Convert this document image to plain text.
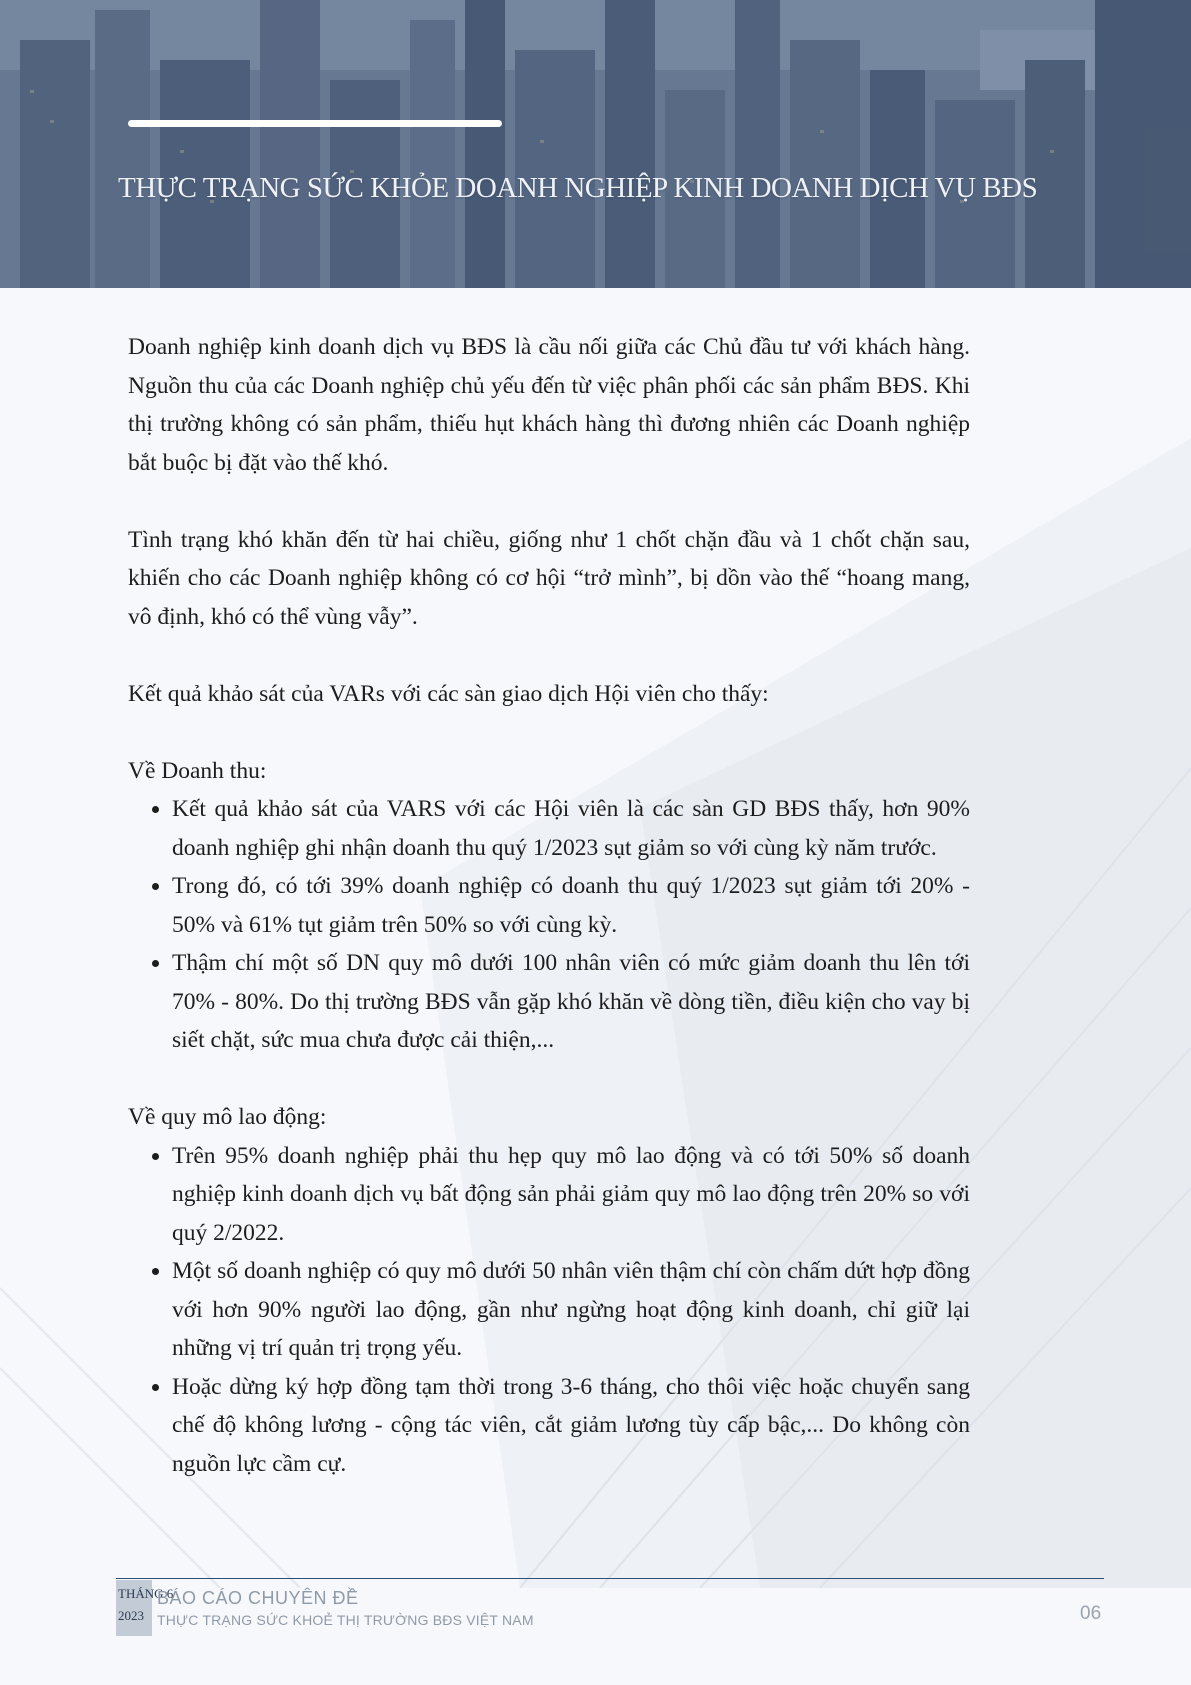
THỰC TRẠNG SỨC KHỎE DOANH NGHIỆP KINH DOANH DỊCH VỤ BĐS

Doanh nghiệp kinh doanh dịch vụ BĐS là cầu nối giữa các Chủ đầu tư với khách hàng. Nguồn thu của các Doanh nghiệp chủ yếu đến từ việc phân phối các sản phẩm BĐS. Khi thị trường không có sản phẩm, thiếu hụt khách hàng thì đương nhiên các Doanh nghiệp bắt buộc bị đặt vào thế khó.

Tình trạng khó khăn đến từ hai chiều, giống như 1 chốt chặn đầu và 1 chốt chặn sau, khiến cho các Doanh nghiệp không có cơ hội “trở mình”, bị dồn vào thế “hoang mang, vô định, khó có thể vùng vẫy”.

Kết quả khảo sát của VARs với các sàn giao dịch Hội viên cho thấy:

Về Doanh thu:

• Kết quả khảo sát của VARS với các Hội viên là các sàn GD BĐS thấy, hơn 90% doanh nghiệp ghi nhận doanh thu quý 1/2023 sụt giảm so với cùng kỳ năm trước.
• Trong đó, có tới 39% doanh nghiệp có doanh thu quý 1/2023 sụt giảm tới 20% - 50% và 61% tụt giảm trên 50% so với cùng kỳ.
• Thậm chí một số DN quy mô dưới 100 nhân viên có mức giảm doanh thu lên tới 70% - 80%. Do thị trường BĐS vẫn gặp khó khăn về dòng tiền, điều kiện cho vay bị siết chặt, sức mua chưa được cải thiện,...

Về quy mô lao động:

• Trên 95% doanh nghiệp phải thu hẹp quy mô lao động và có tới 50% số doanh nghiệp kinh doanh dịch vụ bất động sản phải giảm quy mô lao động trên 20% so với quý 2/2022.
• Một số doanh nghiệp có quy mô dưới 50 nhân viên thậm chí còn chấm dứt hợp đồng với hơn 90% người lao động, gần như ngừng hoạt động kinh doanh, chỉ giữ lại những vị trí quản trị trọng yếu.
• Hoặc dừng ký hợp đồng tạm thời trong 3-6 tháng, cho thôi việc hoặc chuyển sang chế độ không lương - cộng tác viên, cắt giảm lương tùy cấp bậc,... Do không còn nguồn lực cầm cự.
THÁNG 6
2023
BÁO CÁO CHUYÊN ĐỀ
THỰC TRẠNG SỨC KHOẺ THỊ TRƯỜNG BĐS VIỆT NAM	06
